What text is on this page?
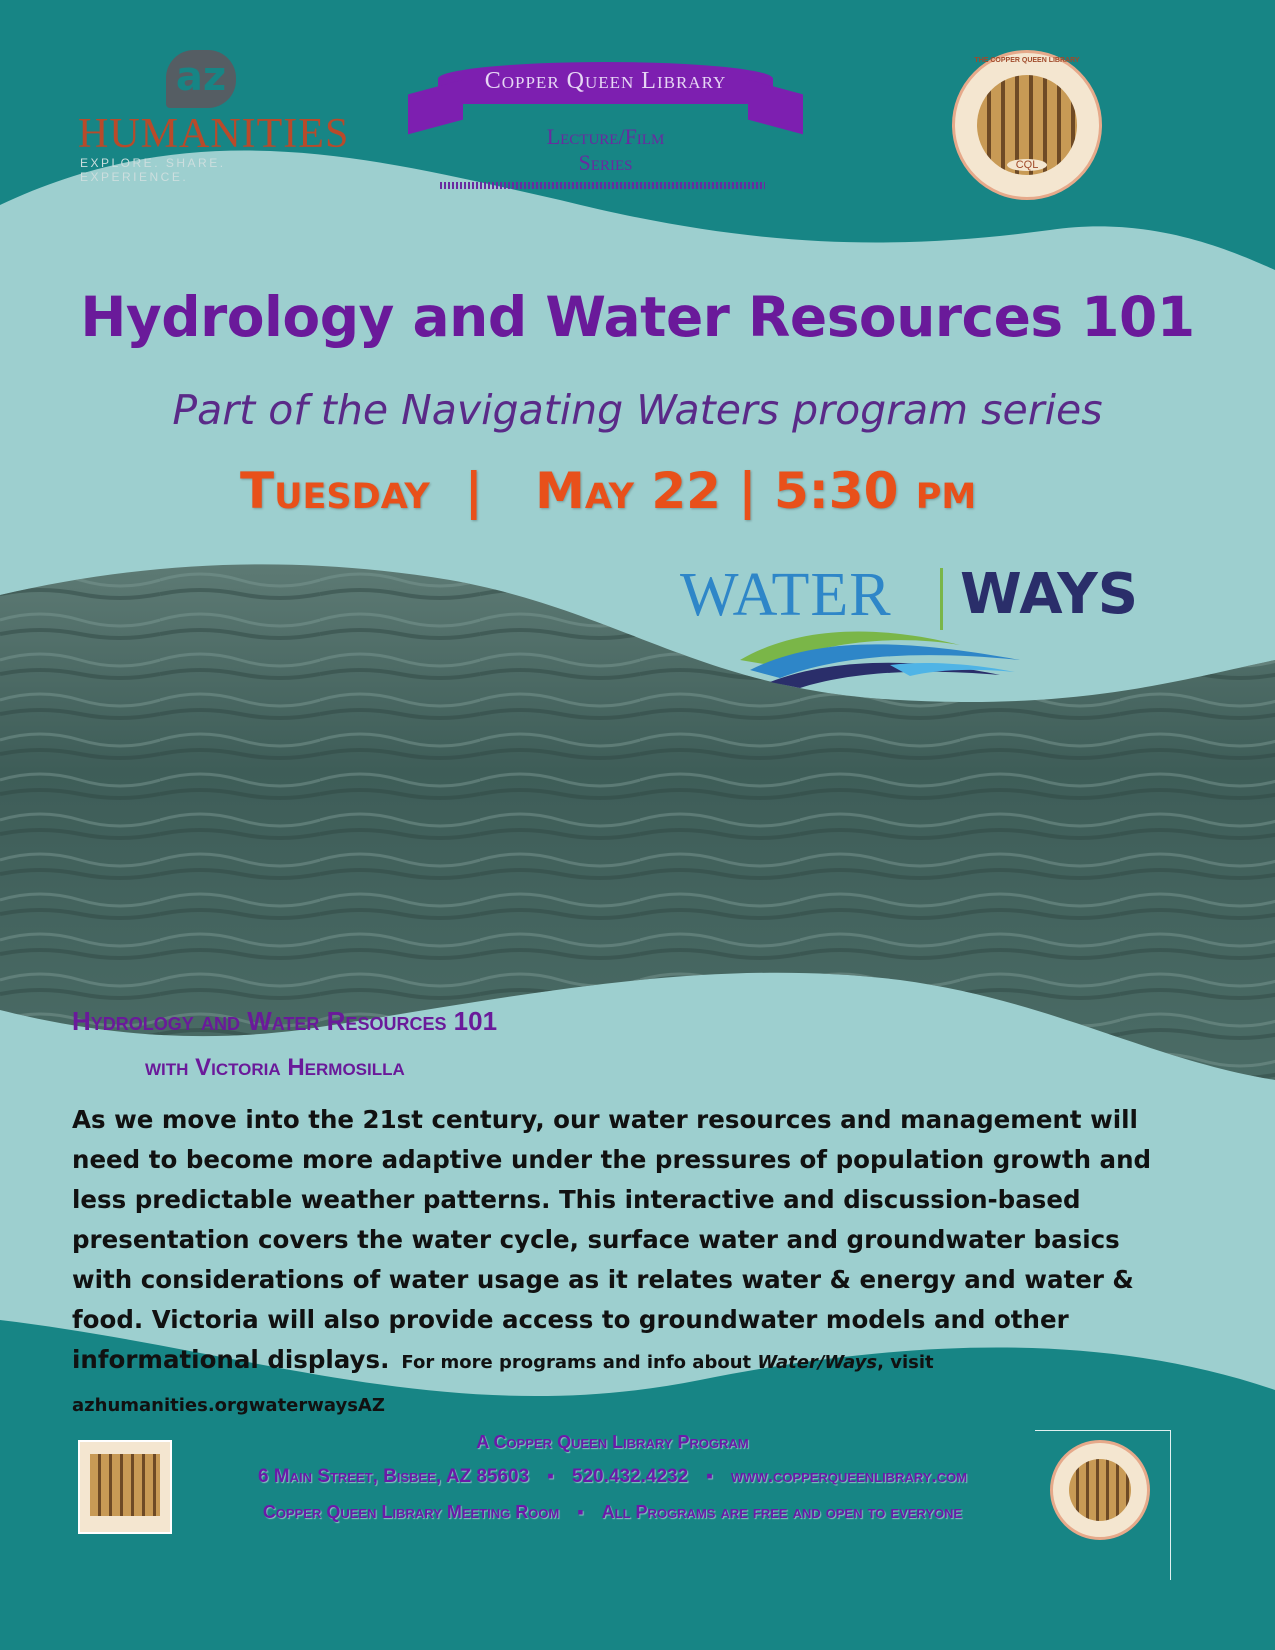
az
HUMANITIES
EXPLORE. SHARE. EXPERIENCE.
Copper Queen Library
Lecture/Film
Series	CQL
THE COPPER QUEEN LIBRARY
Hydrology and Water Resources 101
Part of the Navigating Waters program series
Tuesday  |   May 22 | 5:30 pm
WATER WAYS
Hydrology and Water Resources 101
with Victoria Hermosilla
As we move into the 21st century, our water resources and management will need to become more adaptive under the pressures of population growth and less predictable weather patterns. This interactive and discussion-based presentation covers the water cycle, surface water and groundwater basics with considerations of water usage as it relates water & energy and water & food. Victoria will also provide access to groundwater models and other informational displays. For more programs and info about Water/Ways, visit azhumanities.orgwaterwaysAZ
A Copper Queen Library Program
6 Main Street, Bisbee, AZ 85603 ▪ 520.432.4232 ▪ www.copperqueenlibrary.com
Copper Queen Library Meeting Room ▪ All Programs are free and open to everyone
